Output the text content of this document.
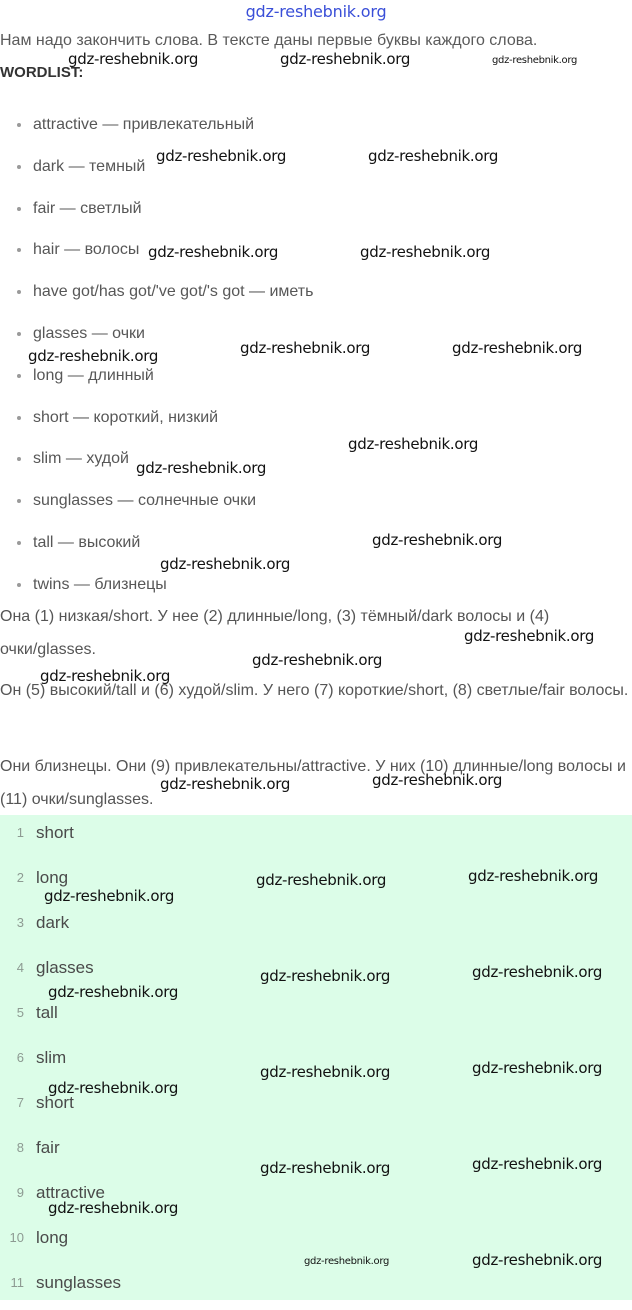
gdz-reshebnik.org
Нам надо закончить слова. В тексте даны первые буквы каждого слова.
WORDLIST:
attractive — привлекательный
dark — темный
fair — светлый
hair — волосы
have got/has got/'ve got/'s got — иметь
glasses — очки
long — длинный
short — короткий, низкий
slim — худой
sunglasses — солнечные очки
tall — высокий
twins — близнецы
Она (1) низкая/short. У нее (2) длинные/long, (3) тёмный/dark волосы и (4) очки/glasses.
Он (5) высокий/tall и (6) худой/slim. У него (7) короткие/short, (8) светлые/fair волосы.
Они близнецы. Они (9) привлекательны/attractive. У них (10) длинные/long волосы и (11) очки/sunglasses.
1 short
2 long
3 dark
4 glasses
5 tall
6 slim
7 short
8 fair
9 attractive
10 long
11 sunglasses
gdz-reshebnik.org	gdz-reshebnik.org	gdz-reshebnik.org
gdz-reshebnik.org	gdz-reshebnik.org
gdz-reshebnik.org	gdz-reshebnik.org
gdz-reshebnik.org	gdz-reshebnik.org	gdz-reshebnik.org
gdz-reshebnik.org
gdz-reshebnik.org
gdz-reshebnik.org
gdz-reshebnik.org
gdz-reshebnik.org
gdz-reshebnik.org
gdz-reshebnik.org
gdz-reshebnik.org
gdz-reshebnik.org
gdz-reshebnik.org
gdz-reshebnik.org
gdz-reshebnik.org
gdz-reshebnik.org
gdz-reshebnik.org
gdz-reshebnik.org
gdz-reshebnik.org
gdz-reshebnik.org
gdz-reshebnik.org
gdz-reshebnik.org
gdz-reshebnik.org
gdz-reshebnik.org
gdz-reshebnik.org
gdz-reshebnik.org
